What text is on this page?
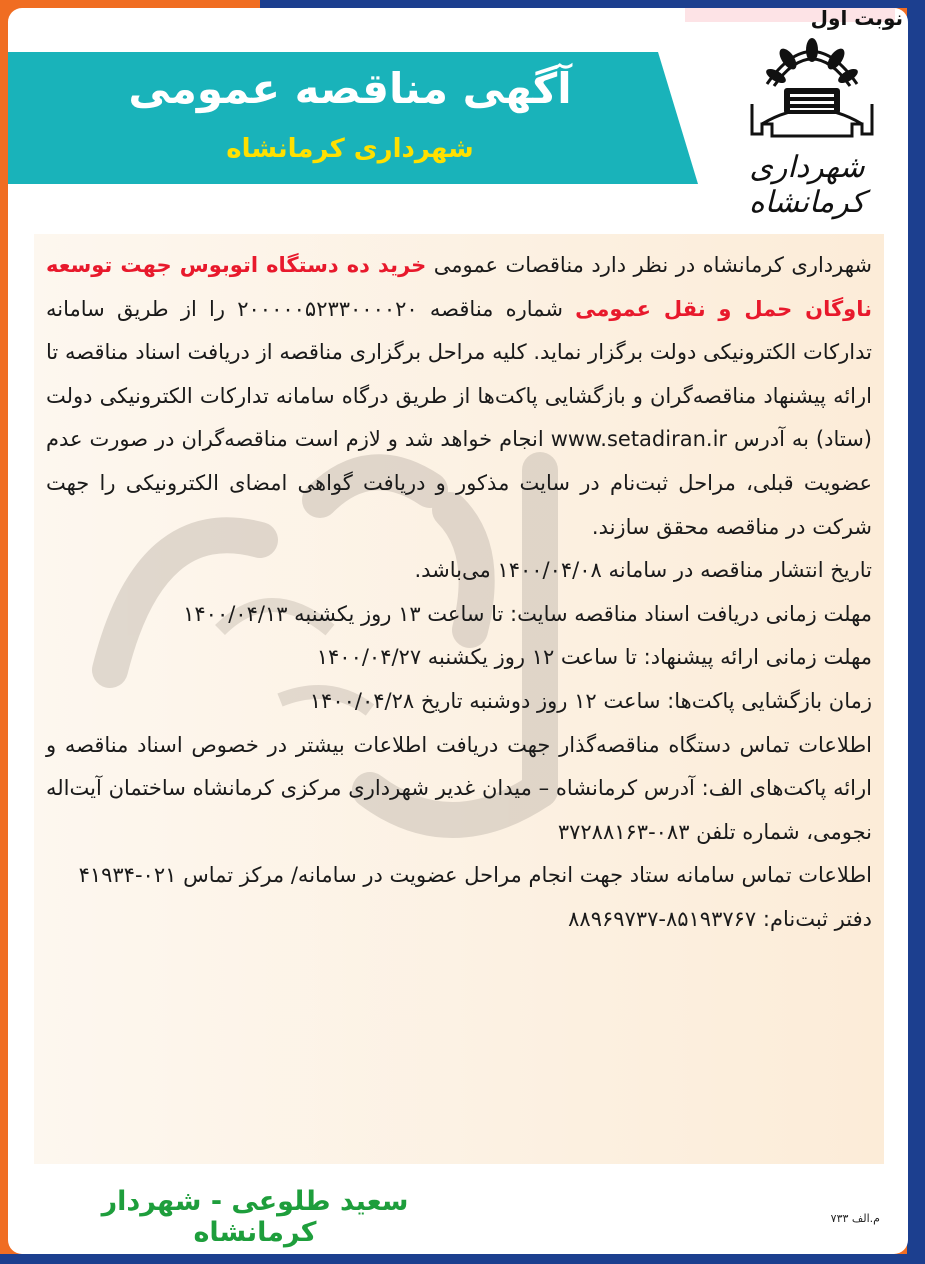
نوبت اول
آگهی مناقصه عمومی
شهرداری کرمانشاه
شهرداری کرمانشاه

شهرداری کرمانشاه در نظر دارد مناقصات عمومی خرید ده دستگاه اتوبوس جهت توسعه ناوگان حمل و نقل عمومی شماره مناقصه ۲۰۰۰۰۰۵۲۳۳۰۰۰۰۲۰ را از طریق سامانه تدارکات الکترونیکی دولت برگزار نماید. کلیه مراحل برگزاری مناقصه از دریافت اسناد مناقصه تا ارائه پیشنهاد مناقصه‌گران و بازگشایی پاکت‌ها از طریق درگاه سامانه تدارکات الکترونیکی دولت (ستاد) به آدرس www.setadiran.ir انجام خواهد شد و لازم است مناقصه‌گران در صورت عدم عضویت قبلی، مراحل ثبت‌نام در سایت مذکور و دریافت گواهی امضای الکترونیکی را جهت شرکت در مناقصه محقق سازند.

تاریخ انتشار مناقصه در سامانه ۱۴۰۰/۰۴/۰۸ می‌باشد.

مهلت زمانی دریافت اسناد مناقصه سایت: تا ساعت ۱۳ روز یکشنبه ۱۴۰۰/۰۴/۱۳

مهلت زمانی ارائه پیشنهاد: تا ساعت ۱۲ روز یکشنبه ۱۴۰۰/۰۴/۲۷

زمان بازگشایی پاکت‌ها: ساعت ۱۲ روز دوشنبه تاریخ ۱۴۰۰/۰۴/۲۸

اطلاعات تماس دستگاه مناقصه‌گذار جهت دریافت اطلاعات بیشتر در خصوص اسناد مناقصه و ارائه پاکت‌های الف: آدرس کرمانشاه – میدان غدیر شهرداری مرکزی کرمانشاه ساختمان آیت‌اله نجومی، شماره تلفن ۰۸۳-۳۷۲۸۸۱۶۳

اطلاعات تماس سامانه ستاد جهت انجام مراحل عضویت در سامانه/ مرکز تماس ۰۲۱-۴۱۹۳۴

دفتر ثبت‌نام: ۸۵۱۹۳۷۶۷-۸۸۹۶۹۷۳۷

سعید طلوعی - شهردار کرمانشاه	م.الف ۷۳۳
